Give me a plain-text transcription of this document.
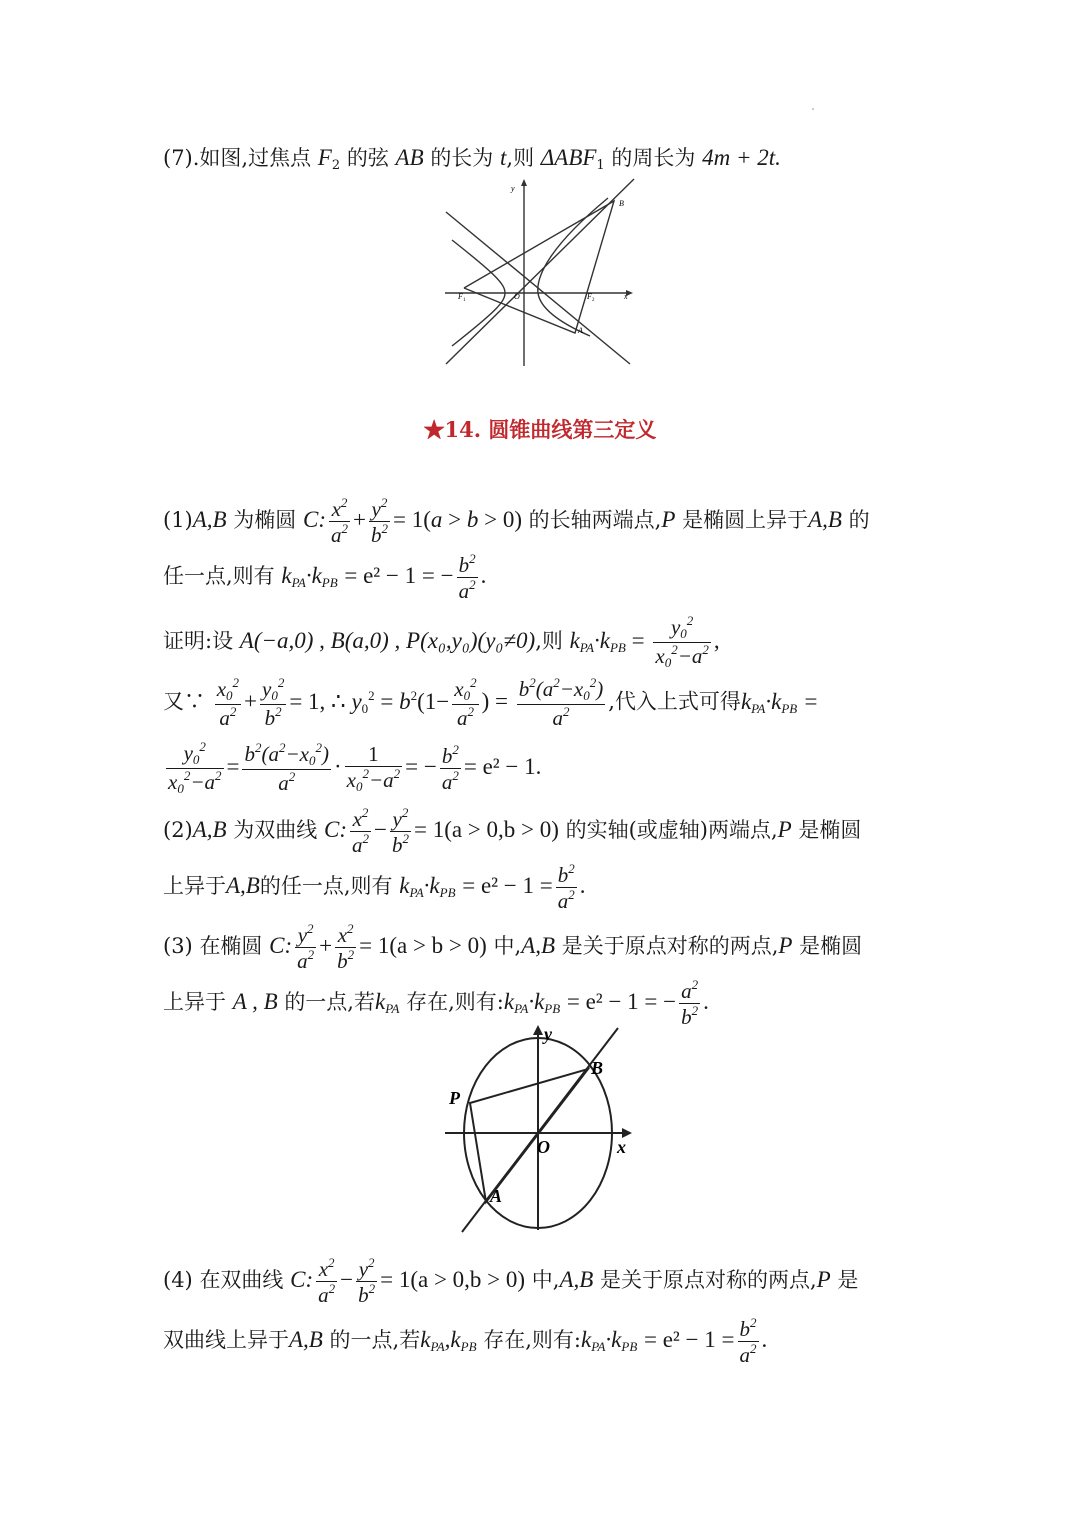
(7).如图,过焦点 $F_2$ 的弦 AB 的长为 t,则 $\Delta ABF_1$ 的周长为 4m + 2t.
y
B
F 1	O	F 2	x
A
★14. 圆锥曲线第三定义
(1)A,B 为椭圆 C: $\frac{x^2}{a^2} + \frac{y^2}{b^2} = 1(a > b > 0)$ 的长轴两端点,P 是椭圆上异于A,B 的
任一点,则有 $k_{PA}\cdot k_{PB} = e^2 - 1$ = − $\frac{b^2}{a^2}$ .
证明:设 A(−a,0) , B(a,0) , P(x₀,y₀)(y₀≠0),则 $k_{PA}\cdot k_{PB} = \frac{y_0^2}{x_0^2-a^2}$ ,
又∵ $\frac{x_0^2}{a^2} + \frac{y_0^2}{b^2} = 1$, ∴ $y_0^2 = b^2(1- \frac{x_0^2}{a^2}$ ) = $\frac{b^2(a^2-x_0^2)}{a^2}$ ,代入上式可得$k_{PA}\cdot k_{PB}$ =
$\frac{y_0^2}{x_0^2-a^2} = \frac{b^2(a^2-x_0^2)}{a^2} \cdot \frac{1}{x_0^2-a^2}$ = − $\frac{b^2}{a^2} = e^2 - 1$.
(2)A,B 为双曲线 C: $\frac{x^2}{a^2} - \frac{y^2}{b^2} = 1(a > 0,b > 0)$ 的实轴(或虚轴)两端点,P 是椭圆
上异于A,B的任一点,则有 $k_{PA}\cdot k_{PB} = e^2 - 1 = \frac{b^2}{a^2}$ .
(3) 在椭圆 C: $\frac{y^2}{a^2} + \frac{x^2}{b^2} = 1(a > b > 0)$ 中,A,B 是关于原点对称的两点,P 是椭圆
上异于 A , B 的一点,若$k_{PA}$ 存在,则有$:k_{PA}\cdot k_{PB} = e^2 - 1$ = − $\frac{a^2}{b^2}$ .
y
B
P
O	x
A
(4) 在双曲线 C: $\frac{x^2}{a^2} - \frac{y^2}{b^2} = 1(a > 0,b > 0)$ 中,A,B 是关于原点对称的两点,P 是
双曲线上异于A,B 的一点,若$k_{PA},k_{PB}$ 存在,则有$:k_{PA}\cdot k_{PB} = e^2 - 1 = \frac{b^2}{a^2}$ .
